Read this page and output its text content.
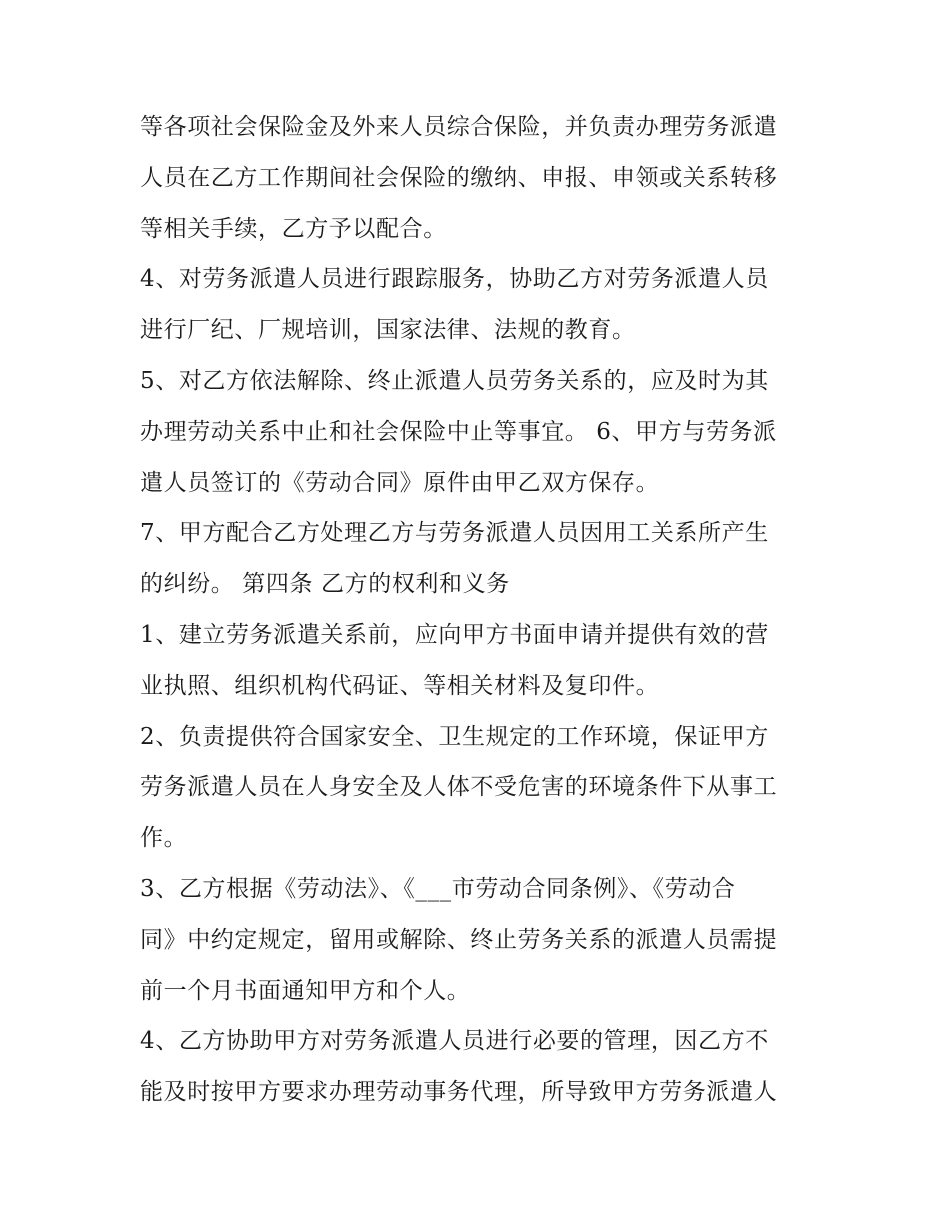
等各项社会保险金及外来人员综合保险，并负责办理劳务派遣
人员在乙方工作期间社会保险的缴纳、申报、申领或关系转移
等相关手续，乙方予以配合。
4、对劳务派遣人员进行跟踪服务，协助乙方对劳务派遣人员
进行厂纪、厂规培训，国家法律、法规的教育。
5、对乙方依法解除、终止派遣人员劳务关系的，应及时为其
办理劳动关系中止和社会保险中止等事宜。 6、甲方与劳务派
遣人员签订的《劳动合同》原件由甲乙双方保存。
7、甲方配合乙方处理乙方与劳务派遣人员因用工关系所产生
的纠纷。 第四条 乙方的权利和义务
1、建立劳务派遣关系前，应向甲方书面申请并提供有效的营
业执照、组织机构代码证、等相关材料及复印件。
2、负责提供符合国家安全、卫生规定的工作环境，保证甲方
劳务派遣人员在人身安全及人体不受危害的环境条件下从事工
作。
3、乙方根据《劳动法》、《___市劳动合同条例》、《劳动合
同》中约定规定，留用或解除、终止劳务关系的派遣人员需提
前一个月书面通知甲方和个人。
4、乙方协助甲方对劳务派遣人员进行必要的管理，因乙方不
能及时按甲方要求办理劳动事务代理，所导致甲方劳务派遣人
